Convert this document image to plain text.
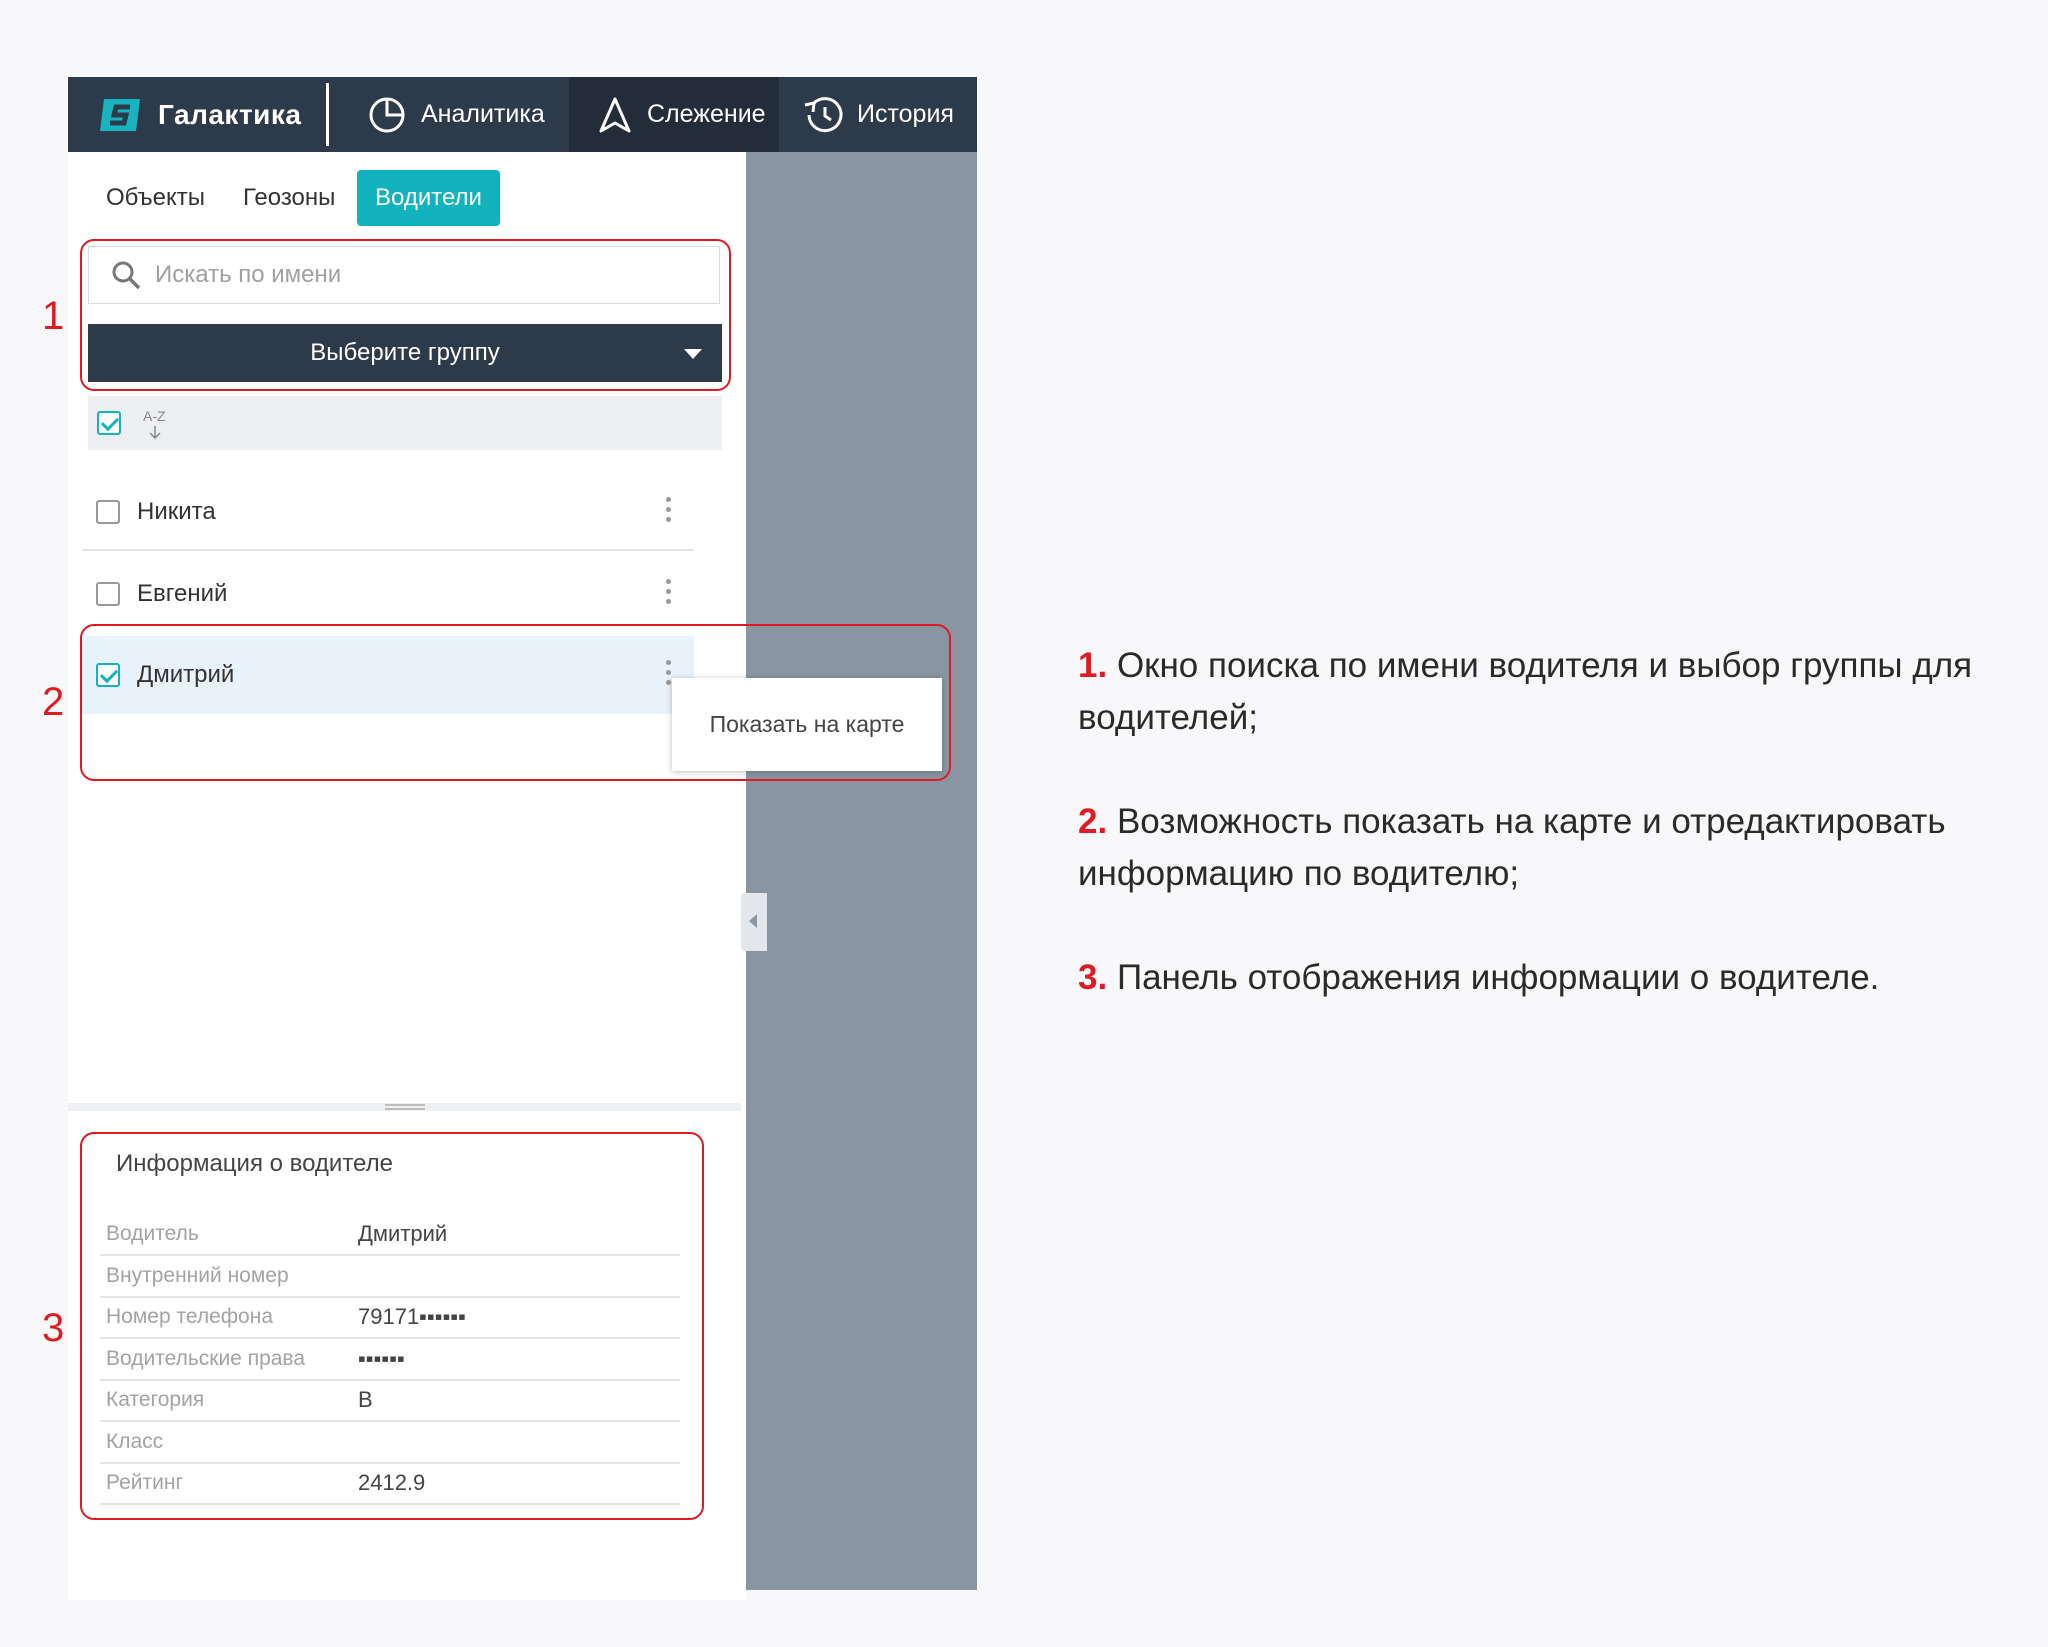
Галактика	Аналитика	Слежение	История
Объекты Геозоны	Водители
Искать по имени
Выберите группу
A-Z
Никита
Евгений
Дмитрий
Показать на карте
Информация о водителе
Водитель	Дмитрий
Внутренний номер
Номер телефона	79171▪▪▪▪▪▪
Водительские права ▪▪▪▪▪▪
Категория	B
Класс
Рейтинг	2412.9
1
2
3
1. Окно поиска по имени водителя и выбор группы для водителей;
2. Возможность показать на карте и отредактировать информацию по водителю;
3. Панель отображения информации о водителе.
